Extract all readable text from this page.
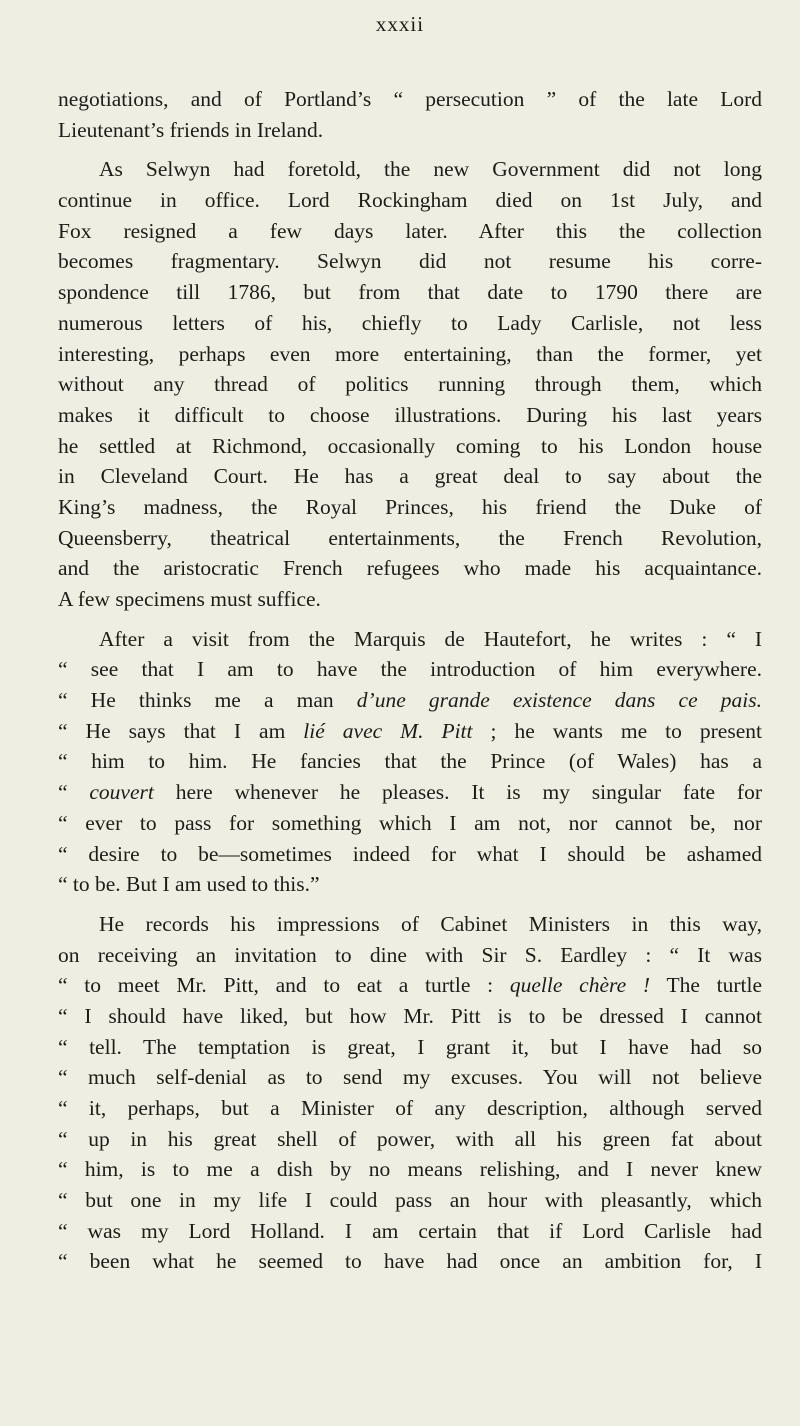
xxxii
negotiations, and of Portland’s “ persecution ” of the late Lord
Lieutenant’s friends in Ireland.
As Selwyn had foretold, the new Government did not long
continue in office. Lord Rockingham died on 1st July, and
Fox resigned a few days later. After this the collection
becomes fragmentary. Selwyn did not resume his corre-
spondence till 1786, but from that date to 1790 there are
numerous letters of his, chiefly to Lady Carlisle, not less
interesting, perhaps even more entertaining, than the former, yet
without any thread of politics running through them, which
makes it difficult to choose illustrations. During his last years
he settled at Richmond, occasionally coming to his London house
in Cleveland Court. He has a great deal to say about the
King’s madness, the Royal Princes, his friend the Duke of
Queensberry, theatrical entertainments, the French Revolution,
and the aristocratic French refugees who made his acquaintance.
A few specimens must suffice.
After a visit from the Marquis de Hautefort, he writes : “ I
“ see that I am to have the introduction of him everywhere.
“ He thinks me a man d’une grande existence dans ce pais.
“ He says that I am lié avec M. Pitt ; he wants me to present
“ him to him. He fancies that the Prince (of Wales) has a
“ couvert here whenever he pleases. It is my singular fate for
“ ever to pass for something which I am not, nor cannot be, nor
“ desire to be—sometimes indeed for what I should be ashamed
“ to be. But I am used to this.”
He records his impressions of Cabinet Ministers in this way,
on receiving an invitation to dine with Sir S. Eardley : “ It was
“ to meet Mr. Pitt, and to eat a turtle : quelle chère ! The turtle
“ I should have liked, but how Mr. Pitt is to be dressed I cannot
“ tell. The temptation is great, I grant it, but I have had so
“ much self-denial as to send my excuses. You will not believe
“ it, perhaps, but a Minister of any description, although served
“ up in his great shell of power, with all his green fat about
“ him, is to me a dish by no means relishing, and I never knew
“ but one in my life I could pass an hour with pleasantly, which
“ was my Lord Holland. I am certain that if Lord Carlisle had
“ been what he seemed to have had once an ambition for, I
